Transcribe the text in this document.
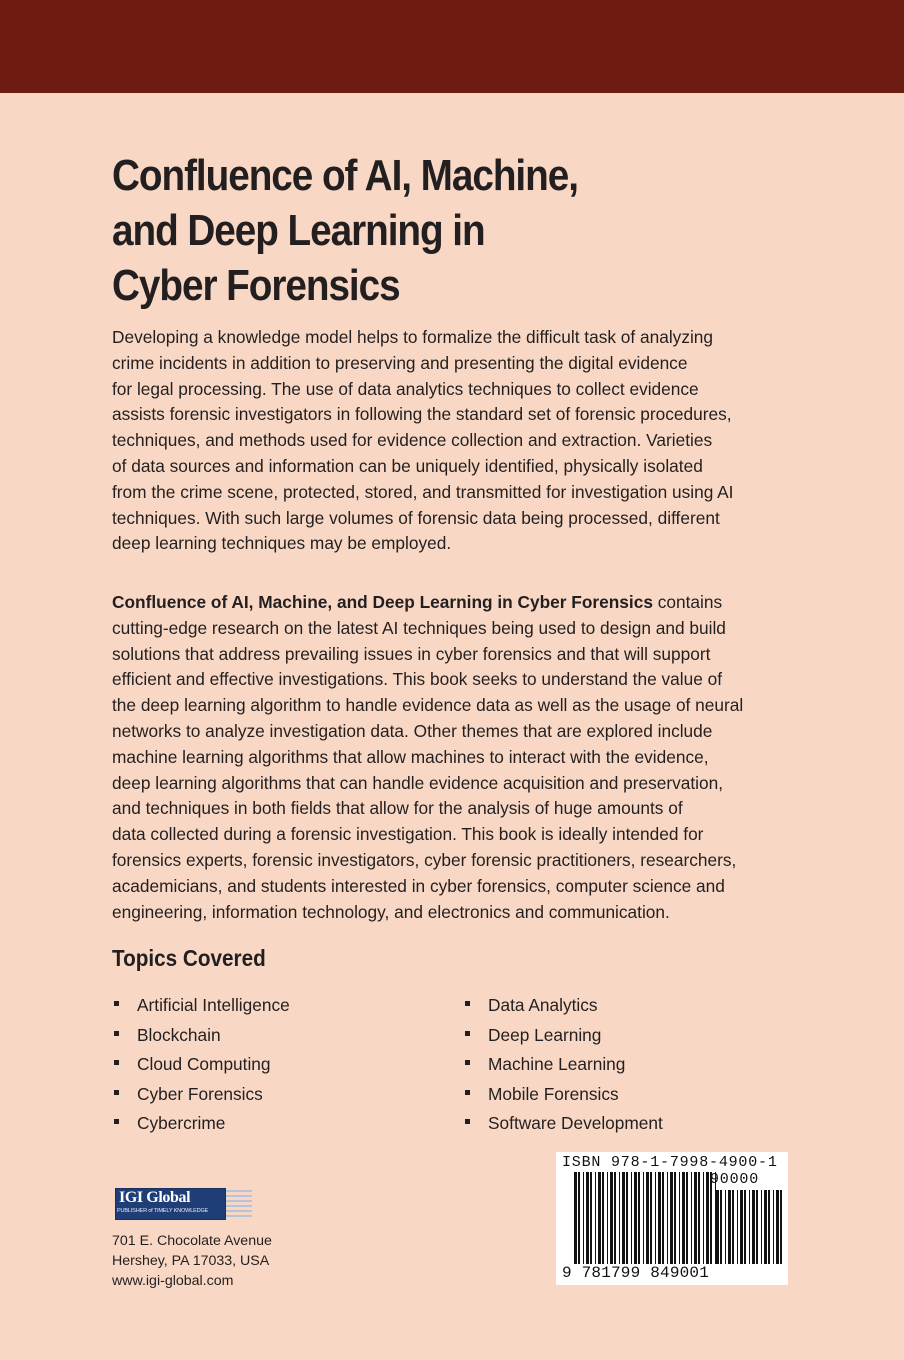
Confluence of AI, Machine,
and Deep Learning in
Cyber Forensics

Developing a knowledge model helps to formalize the difficult task of analyzing
crime incidents in addition to preserving and presenting the digital evidence
for legal processing. The use of data analytics techniques to collect evidence
assists forensic investigators in following the standard set of forensic procedures,
techniques, and methods used for evidence collection and extraction. Varieties
of data sources and information can be uniquely identified, physically isolated
from the crime scene, protected, stored, and transmitted for investigation using AI
techniques. With such large volumes of forensic data being processed, different
deep learning techniques may be employed.

Confluence of AI, Machine, and Deep Learning in Cyber Forensics contains
cutting-edge research on the latest AI techniques being used to design and build
solutions that address prevailing issues in cyber forensics and that will support
efficient and effective investigations. This book seeks to understand the value of
the deep learning algorithm to handle evidence data as well as the usage of neural
networks to analyze investigation data. Other themes that are explored include
machine learning algorithms that allow machines to interact with the evidence,
deep learning algorithms that can handle evidence acquisition and preservation,
and techniques in both fields that allow for the analysis of huge amounts of
data collected during a forensic investigation. This book is ideally intended for
forensics experts, forensic investigators, cyber forensic practitioners, researchers,
academicians, and students interested in cyber forensics, computer science and
engineering, information technology, and electronics and communication.

Topics Covered
Artificial Intelligence
Blockchain
Cloud Computing
Cyber Forensics
Cybercrime
Data Analytics
Deep Learning
Machine Learning
Mobile Forensics
Software Development
IGI Global
PUBLISHER of TIMELY KNOWLEDGE
701 E. Chocolate Avenue
Hershey, PA 17033, USA
www.igi-global.com
ISBN 978-1-7998-4900-1
90000
9 781799 849001
